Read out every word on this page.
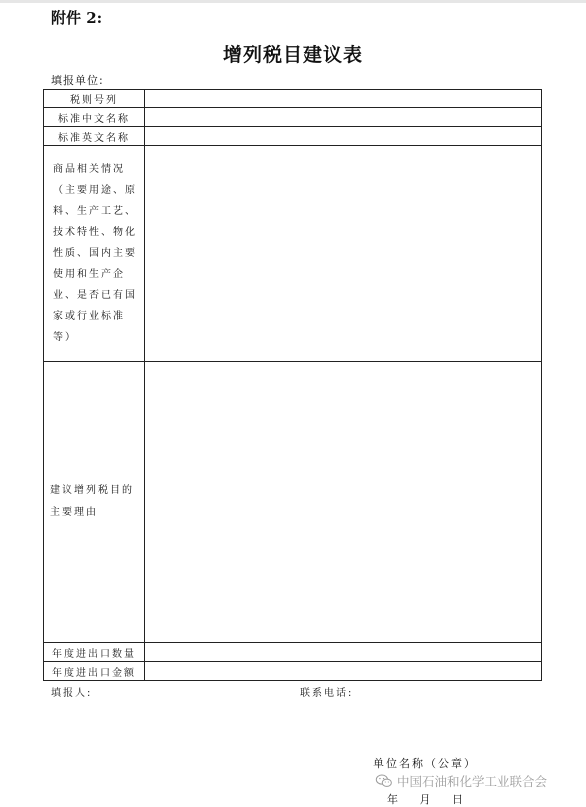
附件 2:
增列税目建议表
填报单位:
税则号列	
标准中文名称	
标准英文名称	
商品相关情况（主要用途、原料、生产工艺、技术特性、物化性质、国内主要使用和生产企业、是否已有国家或行业标准等）	
建议增列税目的主要理由	
年度进出口数量	
年度进出口金额	
填报人:	联系电话:
单位名称（公章）
中国石油和化学工业联合会
年 月 日
